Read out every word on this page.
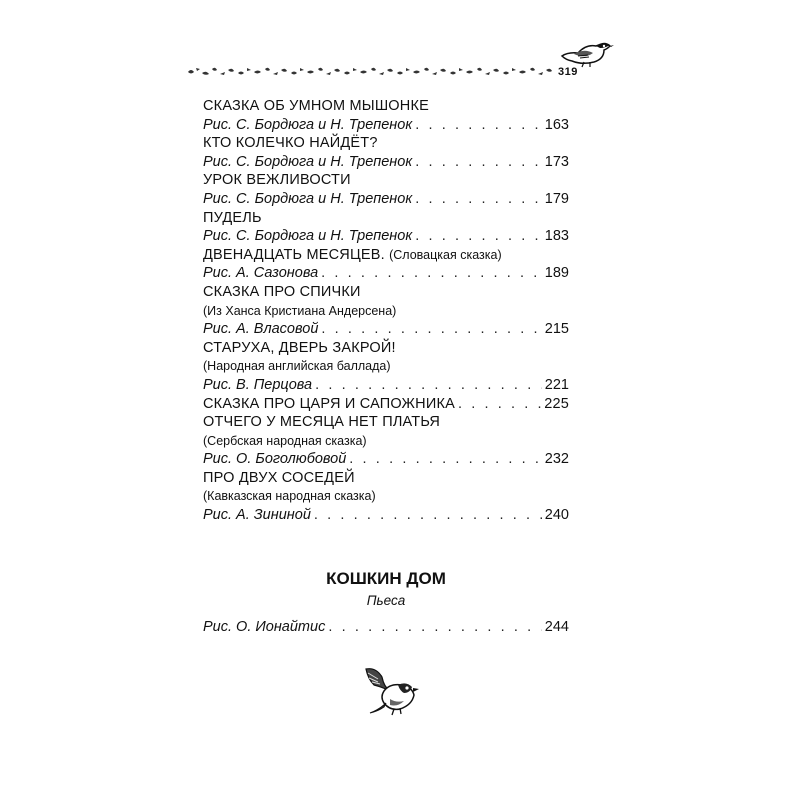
319
СКАЗКА ОБ УМНОМ МЫШОНКЕ
Рис. С. Бордюга и Н. Трепенок . . .	163
КТО КОЛЕЧКО НАЙДЁТ?
Рис. С. Бордюга и Н. Трепенок . . .	173
УРОК ВЕЖЛИВОСТИ
Рис. С. Бордюга и Н. Трепенок . . .	179
ПУДЕЛЬ
Рис. С. Бордюга и Н. Трепенок . . .	183
ДВЕНАДЦАТЬ МЕСЯЦЕВ.
(Словацкая сказка)
Рис. А. Сазонова . . .	189
СКАЗКА ПРО СПИЧКИ
(Из Ханса Кристиана Андерсена)
Рис. А. Власовой . . .	215
СТАРУХА, ДВЕРЬ ЗАКРОЙ!
(Народная английская баллада)
Рис. В. Перцова . . .	221
СКАЗКА ПРО ЦАРЯ И САПОЖНИКА . . .	225
ОТЧЕГО У МЕСЯЦА НЕТ ПЛАТЬЯ
(Сербская народная сказка)
Рис. О. Боголюбовой . . .	232
ПРО ДВУХ СОСЕДЕЙ
(Кавказская народная сказка)
Рис. А. Зининой . . .	240
КОШКИН ДОМ
Пьеса
Рис. О. Ионайтис . . .	244
